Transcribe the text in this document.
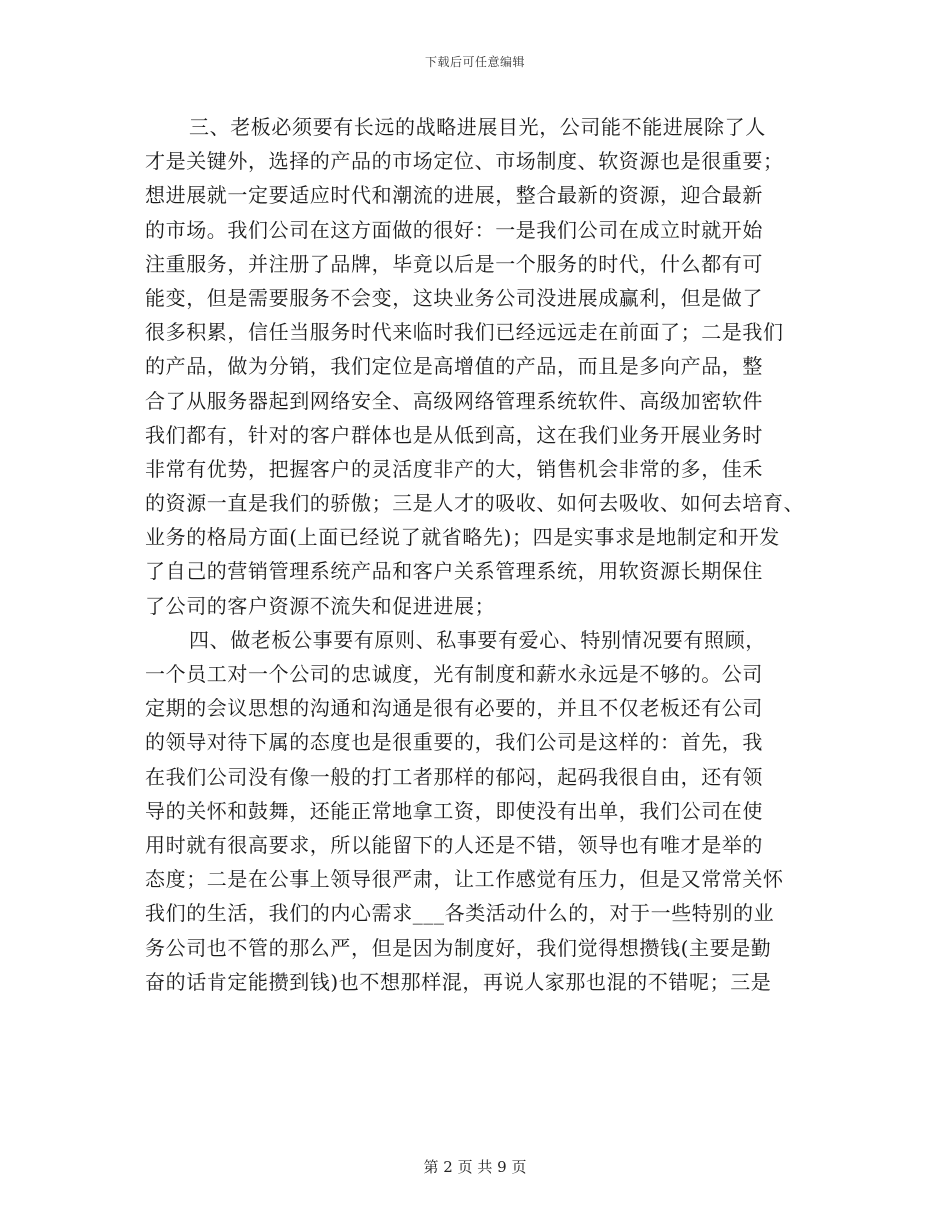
下载后可任意编辑
三、老板必须要有长远的战略进展目光，公司能不能进展除了人
才是关键外，选择的产品的市场定位、市场制度、软资源也是很重要；
想进展就一定要适应时代和潮流的进展，整合最新的资源，迎合最新
的市场。我们公司在这方面做的很好：一是我们公司在成立时就开始
注重服务，并注册了品牌，毕竟以后是一个服务的时代，什么都有可
能变，但是需要服务不会变，这块业务公司没进展成赢利，但是做了
很多积累，信任当服务时代来临时我们已经远远走在前面了；二是我们
的产品，做为分销，我们定位是高增值的产品，而且是多向产品，整
合了从服务器起到网络安全、高级网络管理系统软件、高级加密软件
我们都有，针对的客户群体也是从低到高，这在我们业务开展业务时
非常有优势，把握客户的灵活度非产的大，销售机会非常的多，佳禾
的资源一直是我们的骄傲；三是人才的吸收、如何去吸收、如何去培育、
业务的格局方面(上面已经说了就省略先)；四是实事求是地制定和开发
了自己的营销管理系统产品和客户关系管理系统，用软资源长期保住
了公司的客户资源不流失和促进进展；
四、做老板公事要有原则、私事要有爱心、特别情况要有照顾，
一个员工对一个公司的忠诚度，光有制度和薪水永远是不够的。公司
定期的会议思想的沟通和沟通是很有必要的，并且不仅老板还有公司
的领导对待下属的态度也是很重要的，我们公司是这样的：首先，我
在我们公司没有像一般的打工者那样的郁闷，起码我很自由，还有领
导的关怀和鼓舞，还能正常地拿工资，即使没有出单，我们公司在使
用时就有很高要求，所以能留下的人还是不错，领导也有唯才是举的
态度；二是在公事上领导很严肃，让工作感觉有压力，但是又常常关怀
我们的生活，我们的内心需求___各类活动什么的，对于一些特别的业
务公司也不管的那么严，但是因为制度好，我们觉得想攒钱(主要是勤
奋的话肯定能攒到钱)也不想那样混，再说人家那也混的不错呢；三是
第 2 页 共 9 页
